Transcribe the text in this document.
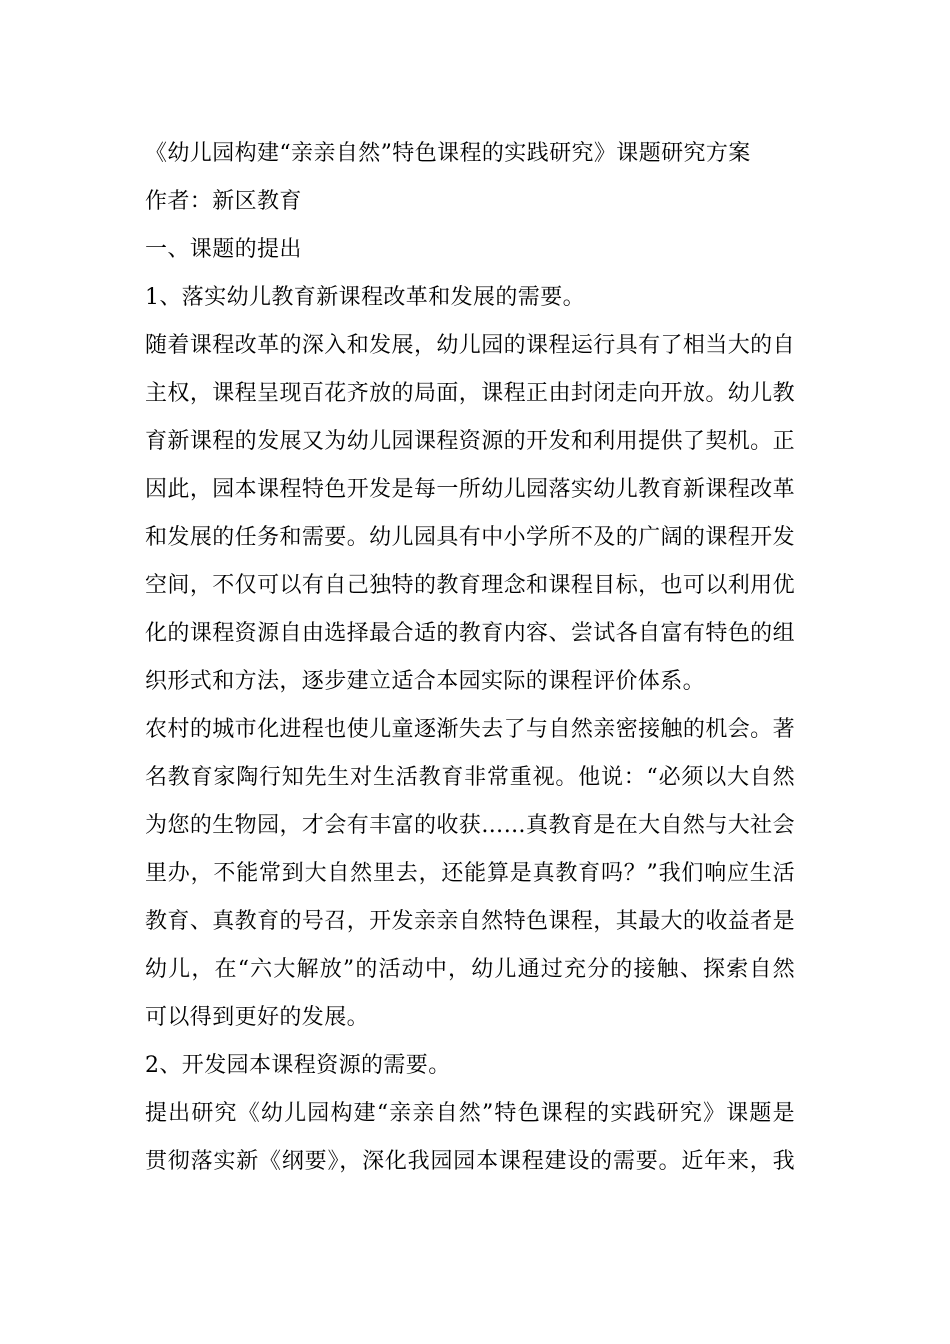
《幼儿园构建“亲亲自然”特色课程的实践研究》课题研究方案
作者：新区教育
一、课题的提出
1、落实幼儿教育新课程改革和发展的需要。
随着课程改革的深入和发展，幼儿园的课程运行具有了相当大的自
主权，课程呈现百花齐放的局面，课程正由封闭走向开放。幼儿教
育新课程的发展又为幼儿园课程资源的开发和利用提供了契机。正
因此，园本课程特色开发是每一所幼儿园落实幼儿教育新课程改革
和发展的任务和需要。幼儿园具有中小学所不及的广阔的课程开发
空间，不仅可以有自己独特的教育理念和课程目标，也可以利用优
化的课程资源自由选择最合适的教育内容、尝试各自富有特色的组
织形式和方法，逐步建立适合本园实际的课程评价体系。
农村的城市化进程也使儿童逐渐失去了与自然亲密接触的机会。著
名教育家陶行知先生对生活教育非常重视。他说：“必须以大自然
为您的生物园，才会有丰富的收获……真教育是在大自然与大社会
里办，不能常到大自然里去，还能算是真教育吗？”我们响应生活
教育、真教育的号召，开发亲亲自然特色课程，其最大的收益者是
幼儿，在“六大解放”的活动中，幼儿通过充分的接触、探索自然
可以得到更好的发展。
2、开发园本课程资源的需要。
提出研究《幼儿园构建“亲亲自然”特色课程的实践研究》课题是
贯彻落实新《纲要》，深化我园园本课程建设的需要。近年来，我
